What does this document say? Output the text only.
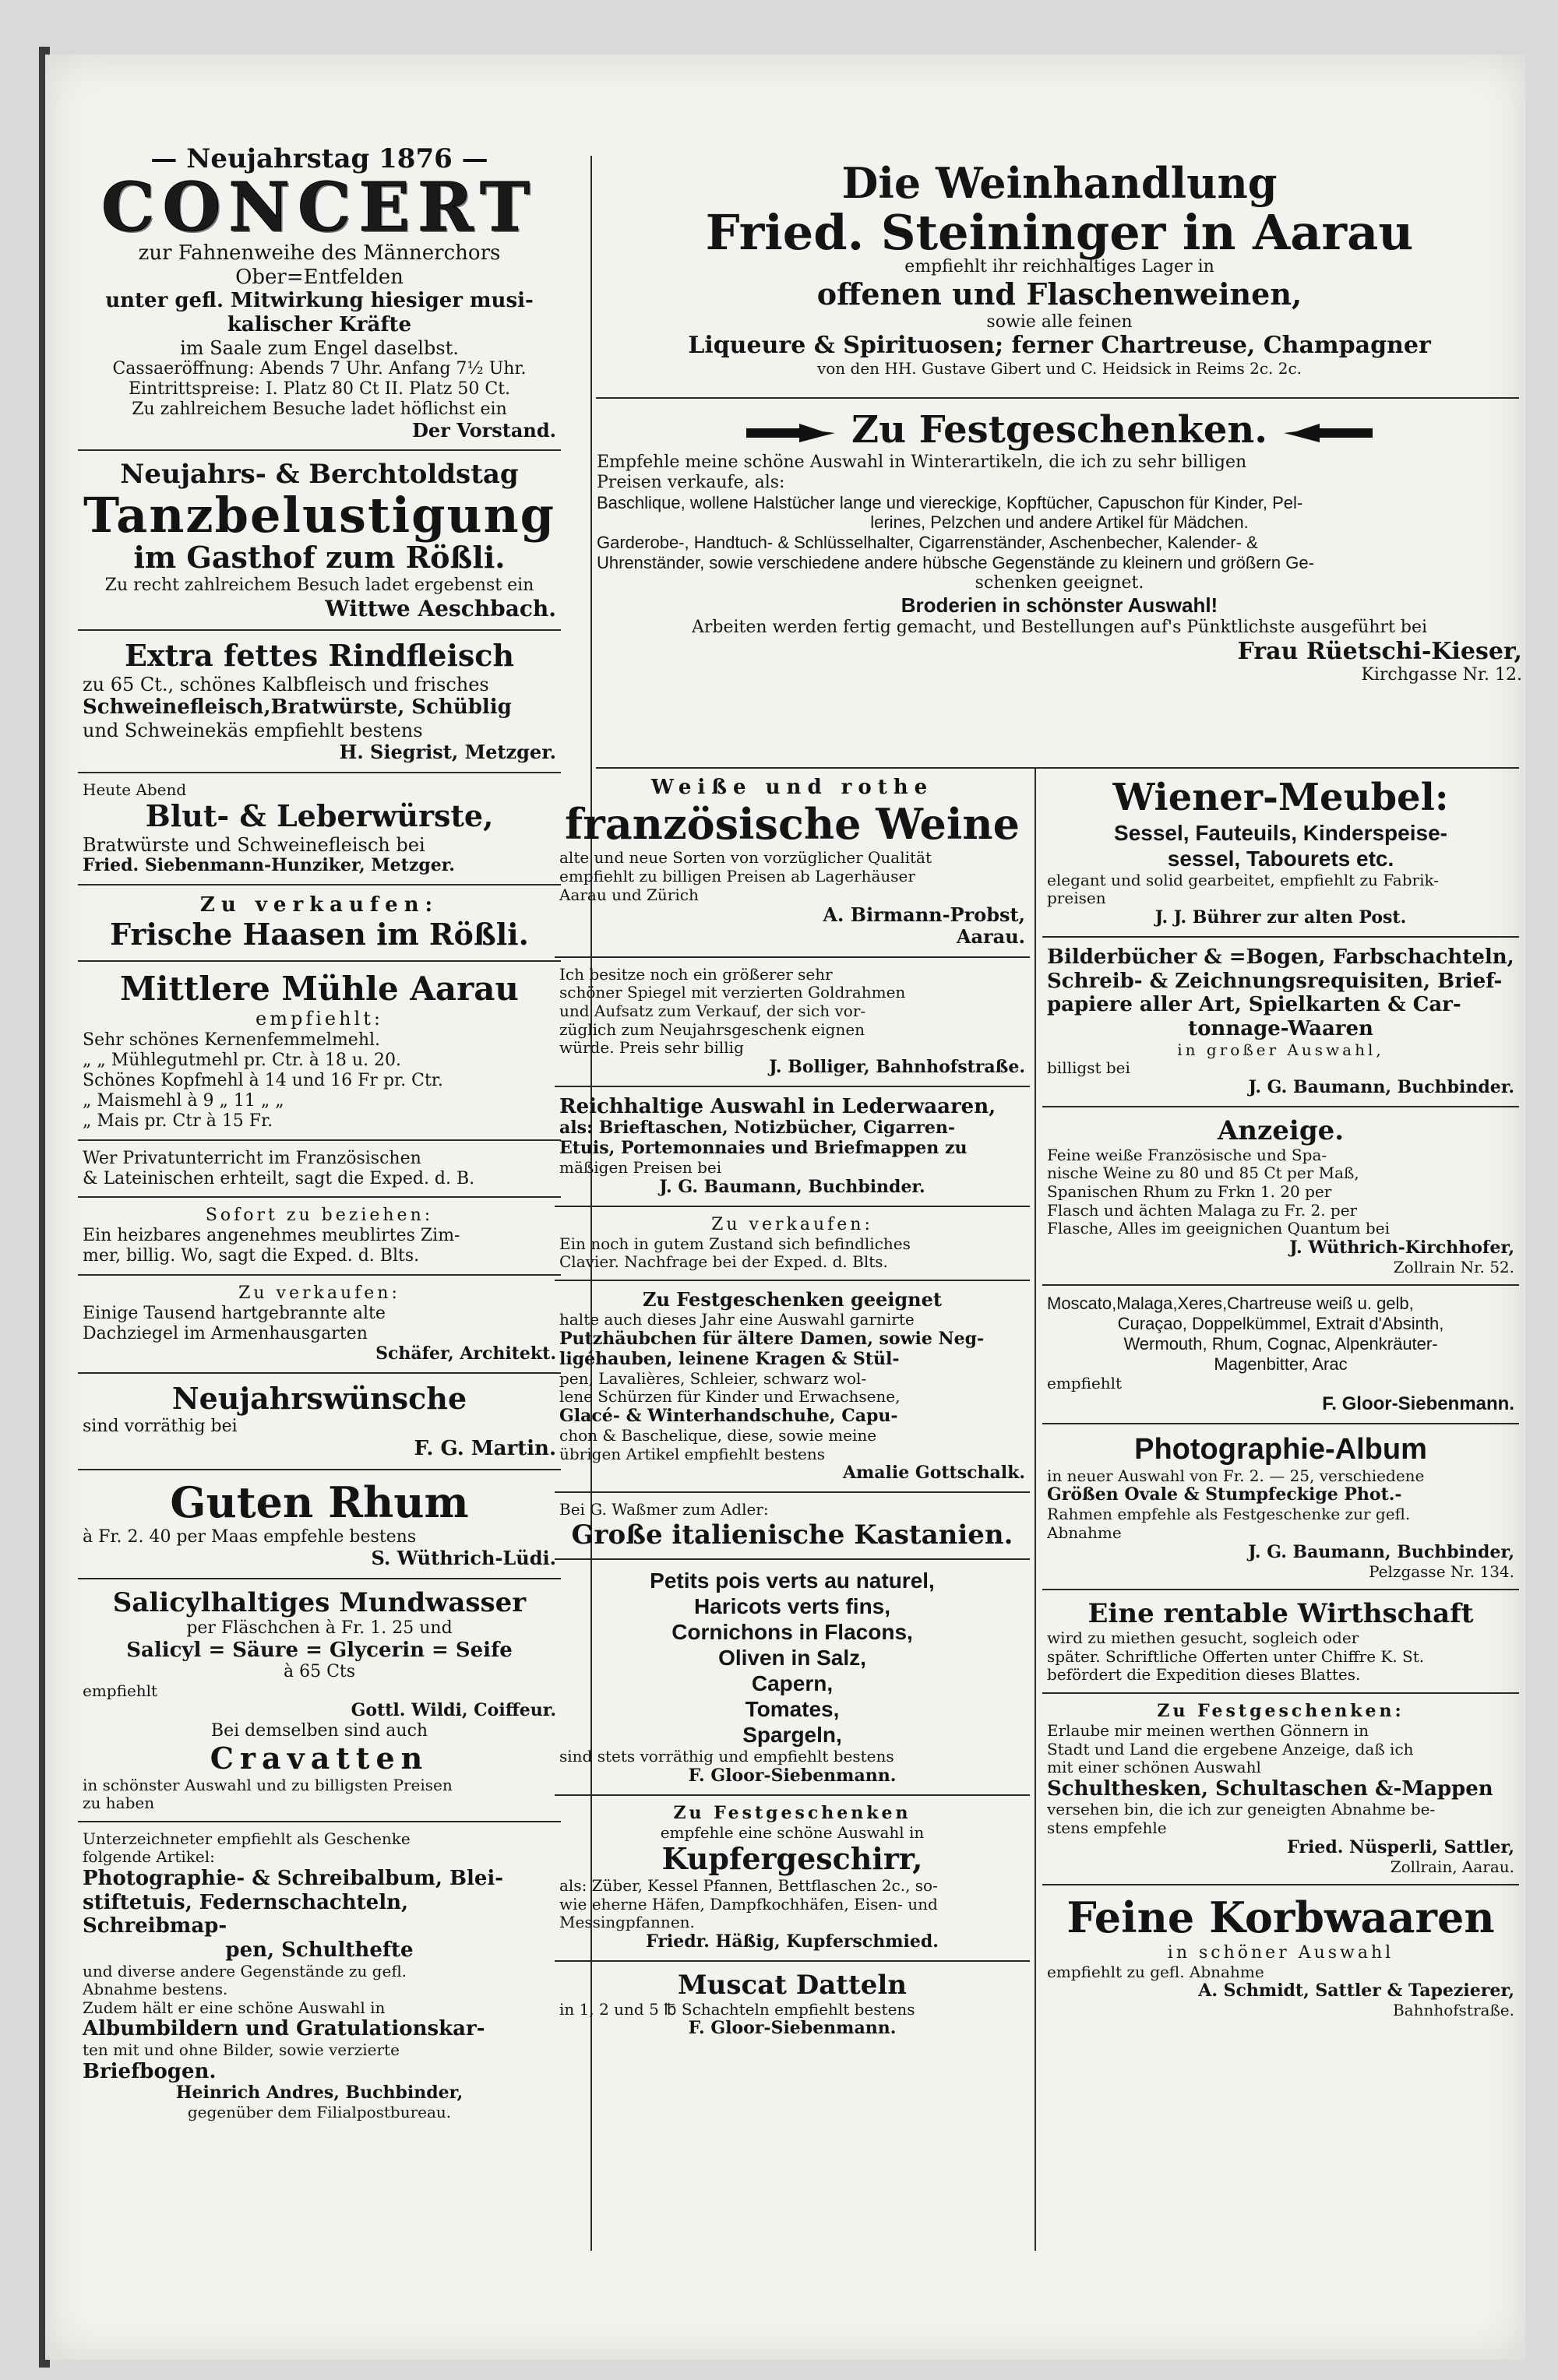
— Neujahrstag 1876 —

CONCERT

zur Fahnenweihe des Männerchors

Ober=Entfelden

unter gefl. Mitwirkung hiesiger musi-

kalischer Kräfte

im Saale zum Engel daselbst.

Cassaeröffnung: Abends 7 Uhr. Anfang 7½ Uhr.

Eintrittspreise: I. Platz 80 Ct II. Platz 50 Ct.

Zu zahlreichem Besuche ladet höflichst ein

Der Vorstand.

Neujahrs- & Berchtoldstag

Tanzbelustigung

im Gasthof zum Rößli.

Zu recht zahlreichem Besuch ladet ergebenst ein

Wittwe Aeschbach.

Extra fettes Rindfleisch

zu 65 Ct., schönes Kalbfleisch und frisches

Schweinefleisch,Bratwürste, Schüblig

und Schweinekäs empfiehlt bestens

H. Siegrist, Metzger.

Heute Abend

Blut- & Leberwürste,

Bratwürste und Schweinefleisch bei

Fried. Siebenmann-Hunziker, Metzger.

Zu verkaufen:

Frische Haasen im Rößli.

Mittlere Mühle Aarau

empfiehlt:

Sehr schönes Kernenfemmelmehl.

„ „ Mühlegutmehl pr. Ctr. à 18 u. 20.

Schönes Kopfmehl à 14 und 16 Fr pr. Ctr.

„ Maismehl à 9 „ 11 „ „

„ Mais pr. Ctr à 15 Fr.

Wer Privatunterricht im Französischen

& Lateinischen erhteilt, sagt die Exped. d. B.

Sofort zu beziehen:

Ein heizbares angenehmes meublirtes Zim-

mer, billig. Wo, sagt die Exped. d. Blts.

Zu verkaufen:

Einige Tausend hartgebrannte alte

Dachziegel im Armenhausgarten

Schäfer, Architekt.

Neujahrswünsche

sind vorräthig bei

F. G. Martin.

Guten Rhum

à Fr. 2. 40 per Maas empfehle bestens

S. Wüthrich-Lüdi.

Salicylhaltiges Mundwasser

per Fläschchen à Fr. 1. 25 und

Salicyl = Säure = Glycerin = Seife

à 65 Cts

empfiehlt

Gottl. Wildi, Coiffeur.

Bei demselben sind auch

Cravatten

in schönster Auswahl und zu billigsten Preisen

zu haben

Unterzeichneter empfiehlt als Geschenke

folgende Artikel:

Photographie- & Schreibalbum, Blei-

stiftetuis, Federnschachteln, Schreibmap-

pen, Schulthefte

und diverse andere Gegenstände zu gefl.

Abnahme bestens.

Zudem hält er eine schöne Auswahl in

Albumbildern und Gratulationskar-

ten mit und ohne Bilder, sowie verzierte

Briefbogen.

Heinrich Andres, Buchbinder,

gegenüber dem Filialpostbureau.

Die Weinhandlung

Fried. Steininger in Aarau

empfiehlt ihr reichhaltiges Lager in

offenen und Flaschenweinen,

sowie alle feinen

Liqueure & Spirituosen; ferner Chartreuse, Champagner

von den HH. Gustave Gibert und C. Heidsick in Reims 2c. 2c.

Zu Festgeschenken.

Empfehle meine schöne Auswahl in Winterartikeln, die ich zu sehr billigen

Preisen verkaufe, als:

Baschlique, wollene Halstücher lange und viereckige, Kopftücher, Capuschon für Kinder, Pel-

lerines, Pelzchen und andere Artikel für Mädchen.

Garderobe-, Handtuch- & Schlüsselhalter, Cigarrenständer, Aschenbecher, Kalender- &

Uhrenständer, sowie verschiedene andere hübsche Gegenstände zu kleinern und größern Ge-

schenken geeignet.

Broderien in schönster Auswahl!

Arbeiten werden fertig gemacht, und Bestellungen auf's Pünktlichste ausgeführt bei

Frau Rüetschi-Kieser,

Kirchgasse Nr. 12.

Weiße und rothe

französische Weine

alte und neue Sorten von vorzüglicher Qualität

empfiehlt zu billigen Preisen ab Lagerhäuser

Aarau und Zürich

A. Birmann-Probst,

Aarau.

Ich besitze noch ein größerer sehr

schöner Spiegel mit verzierten Goldrahmen

und Aufsatz zum Verkauf, der sich vor-

züglich zum Neujahrsgeschenk eignen

würde. Preis sehr billig

J. Bolliger, Bahnhofstraße.

Reichhaltige Auswahl in Lederwaaren,

als: Brieftaschen, Notizbücher, Cigarren-

Etuis, Portemonnaies und Briefmappen zu

mäßigen Preisen bei

J. G. Baumann, Buchbinder.

Zu verkaufen:

Ein noch in gutem Zustand sich befindliches

Clavier. Nachfrage bei der Exped. d. Blts.

Zu Festgeschenken geeignet

halte auch dieses Jahr eine Auswahl garnirte

Putzhäubchen für ältere Damen, sowie Neg-

ligéhauben, leinene Kragen & Stül-

pen, Lavalières, Schleier, schwarz wol-

lene Schürzen für Kinder und Erwachsene,

Glacé- & Winterhandschuhe, Capu-

chon & Baschelique, diese, sowie meine

übrigen Artikel empfiehlt bestens

Amalie Gottschalk.

Bei G. Waßmer zum Adler:

Große italienische Kastanien.

Petits pois verts au naturel,

Haricots verts fins,

Cornichons in Flacons,

Oliven in Salz,

Capern,

Tomates,

Spargeln,

sind stets vorräthig und empfiehlt bestens

F. Gloor-Siebenmann.

Zu Festgeschenken

empfehle eine schöne Auswahl in

Kupfergeschirr,

als: Züber, Kessel Pfannen, Bettflaschen 2c., so-

wie eherne Häfen, Dampfkochhäfen, Eisen- und

Messingpfannen.

Friedr. Häßig, Kupferschmied.

Muscat Datteln

in 1, 2 und 5 ℔ Schachteln empfiehlt bestens

F. Gloor-Siebenmann.

Wiener-Meubel:

Sessel, Fauteuils, Kinderspeise-

sessel, Tabourets etc.

elegant und solid gearbeitet, empfiehlt zu Fabrik-

preisen

J. J. Bührer zur alten Post.

Bilderbücher & =Bogen, Farbschachteln,

Schreib- & Zeichnungsrequisiten, Brief-

papiere aller Art, Spielkarten & Car-

tonnage-Waaren

in großer Auswahl,

billigst bei

J. G. Baumann, Buchbinder.

Anzeige.

Feine weiße Französische und Spa-

nische Weine zu 80 und 85 Ct per Maß,

Spanischen Rhum zu Frkn 1. 20 per

Flasch und ächten Malaga zu Fr. 2. per

Flasche, Alles im geeignichen Quantum bei

J. Wüthrich-Kirchhofer,

Zollrain Nr. 52.

Moscato,Malaga,Xeres,Chartreuse weiß u. gelb,

Curaçao, Doppelkümmel, Extrait d'Absinth,

Wermouth, Rhum, Cognac, Alpenkräuter-

Magenbitter, Arac

empfiehlt

F. Gloor-Siebenmann.

Photographie-Album

in neuer Auswahl von Fr. 2. — 25, verschiedene

Größen Ovale & Stumpfeckige Phot.-

Rahmen empfehle als Festgeschenke zur gefl.

Abnahme

J. G. Baumann, Buchbinder,

Pelzgasse Nr. 134.

Eine rentable Wirthschaft

wird zu miethen gesucht, sogleich oder

später. Schriftliche Offerten unter Chiffre K. St.

befördert die Expedition dieses Blattes.

Zu Festgeschenken:

Erlaube mir meinen werthen Gönnern in

Stadt und Land die ergebene Anzeige, daß ich

mit einer schönen Auswahl

Schulthesken, Schultaschen &-Mappen

versehen bin, die ich zur geneigten Abnahme be-

stens empfehle

Fried. Nüsperli, Sattler,

Zollrain, Aarau.

Feine Korbwaaren

in schöner Auswahl

empfiehlt zu gefl. Abnahme

A. Schmidt, Sattler & Tapezierer,

Bahnhofstraße.
